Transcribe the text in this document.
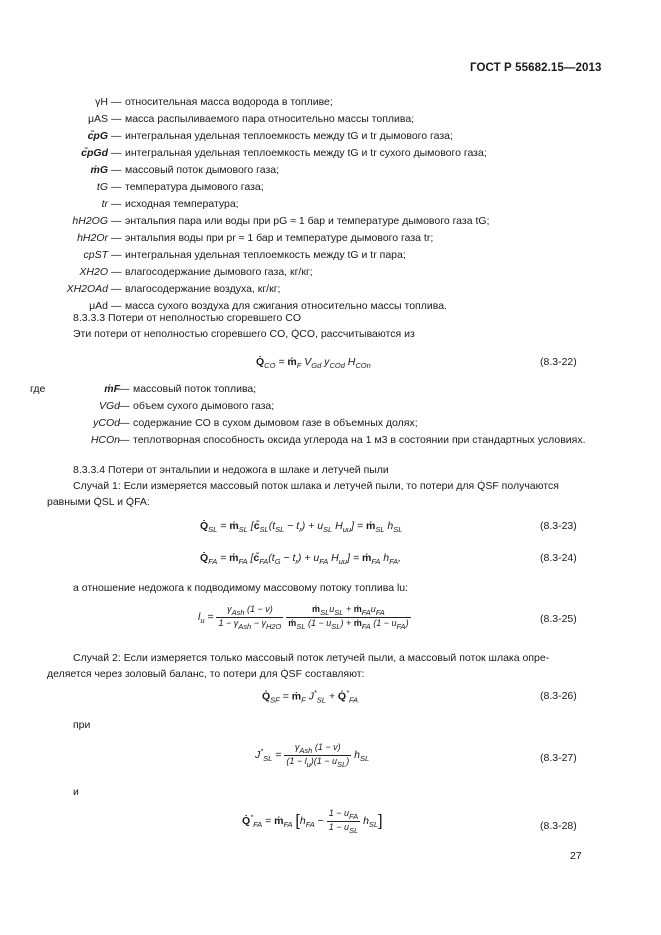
ГОСТ Р 55682.15—2013
γH — относительная масса водорода в топливе;
μAS — масса распыливаемого пара относительно массы топлива;
c̄pG — интегральная удельная теплоемкость между tG и tr дымового газа;
c̄pGd — интегральная удельная теплоемкость между tG и tr сухого дымового газа;
ṁG — массовый поток дымового газа;
tG — температура дымового газа;
tr — исходная температура;
hH2OG — энтальпия пара или воды при pG ≈ 1 бар и температуре дымового газа tG;
hH2Or — энтальпия воды при pr ≈ 1 бар и температуре дымового газа tr;
cpST — интегральная удельная теплоемкость между tG и tr пара;
XH2O — влагосодержание дымового газа, кг/кг;
XH2OAd — влагосодержание воздуха, кг/кг;
μAd — масса сухого воздуха для сжигания относительно массы топлива.
8.3.3.3 Потери от неполностью сгоревшего CO
Эти потери от неполностью сгоревшего CO, Q̇CO, рассчитываются из
$Q̇_{CO}$ = ṁ$_F$ $V_{Gd}$ $y_{COd}$ $H_{COn}$	(8.3-22)
где	ṁF — массовый поток топлива;
VGd — объем сухого дымового газа;
yCOd — содержание CO в сухом дымовом газе в объемных долях;
HCOn — теплотворная способность оксида углерода на 1 м3 в состоянии при стандартных условиях.
8.3.3.4 Потери от энтальпии и недожога в шлаке и летучей пыли
Случай 1: Если измеряется массовый поток шлака и летучей пыли, то потери для Q̇SF получаются
равными Q̇SL и Q̇FA:
$Q̇_{SL}$ = ṁ$_{SL}$ [$c̄_{SL}(t_{SL} - t_r) + u_{SL}$ $H_{uu}$] = ṁ$_{SL}$ $h_{SL}$	(8.3-23)
$Q̇_{FA}$ = ṁ$_{FA}$ [$c̄_{FA}(t_G - t_r) + u_{FA}$ $H_{uu}$] = ṁ$_{FA}$ $h_{FA}$,	(8.3-24)
а отношение недожога к подводимому массовому потоку топлива lu:
$l_u = \frac{\gamma_{Ash} (1 - \nu)}{1 - \gamma_{Ash} - \gamma_{H2O}}$
$\frac{ṁ_{SL}u_{SL} + ṁ_{FA}u_{FA}}{ṁ_{SL} (1 - u_{SL}) + ṁ_{FA} (1 - u_{FA})}$	(8.3-25)
Случай 2: Если измеряется только массовый поток летучей пыли, а массовый поток шлака опре-
деляется через золовый баланс, то потери для Q̇SF составляют:
$Q̇_{SF}$ = ṁ$_F$ $J^*_{SL}$ + $Q̇^*_{FA}$	(8.3-26)
при
$J^*_{SL} = \frac{\gamma_{Ash} (1 - \nu)}{(1 - l_u)(1 - u_{SL})} h_{SL}$	(8.3-27)
и
$Q̇^*_{FA}$ = ṁ$_{FA}$ $[h_{FA} - \frac{1 - u_{FA}}{1 - u_{SL}} h_{SL}]$	(8.3-28)
27
